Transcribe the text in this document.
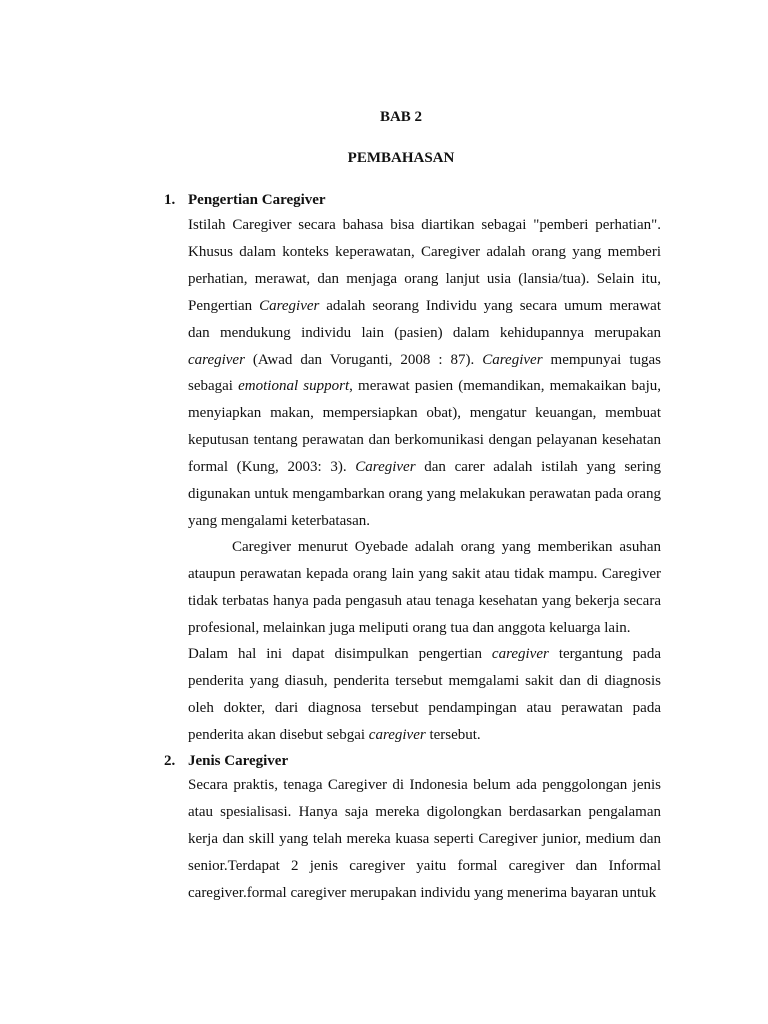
BAB 2
PEMBAHASAN
1. Pengertian Caregiver

Istilah Caregiver secara bahasa bisa diartikan sebagai "pemberi perhatian". Khusus dalam konteks keperawatan, Caregiver adalah orang yang memberi perhatian, merawat, dan menjaga orang lanjut usia (lansia/tua). Selain itu, Pengertian Caregiver adalah seorang Individu yang secara umum merawat dan mendukung individu lain (pasien) dalam kehidupannya merupakan caregiver (Awad dan Voruganti, 2008 : 87). Caregiver mempunyai tugas sebagai emotional support, merawat pasien (memandikan, memakaikan baju, menyiapkan makan, mempersiapkan obat), mengatur keuangan, membuat keputusan tentang perawatan dan berkomunikasi dengan pelayanan kesehatan formal (Kung, 2003: 3). Caregiver dan carer adalah istilah yang sering digunakan untuk mengambarkan orang yang melakukan perawatan pada orang yang mengalami keterbatasan.

Caregiver menurut Oyebade adalah orang yang memberikan asuhan ataupun perawatan kepada orang lain yang sakit atau tidak mampu. Caregiver tidak terbatas hanya pada pengasuh atau tenaga kesehatan yang bekerja secara profesional, melainkan juga meliputi orang tua dan anggota keluarga lain.

Dalam hal ini dapat disimpulkan pengertian caregiver tergantung pada penderita yang diasuh, penderita tersebut memgalami sakit dan di diagnosis oleh dokter, dari diagnosa tersebut pendampingan atau perawatan pada penderita akan disebut sebgai caregiver tersebut.

2. Jenis Caregiver

Secara praktis, tenaga Caregiver di Indonesia belum ada penggolongan jenis atau spesialisasi. Hanya saja mereka digolongkan berdasarkan pengalaman kerja dan skill yang telah mereka kuasa seperti Caregiver junior, medium dan senior.Terdapat 2 jenis caregiver yaitu formal caregiver dan Informal caregiver.formal caregiver merupakan individu yang menerima bayaran untuk
